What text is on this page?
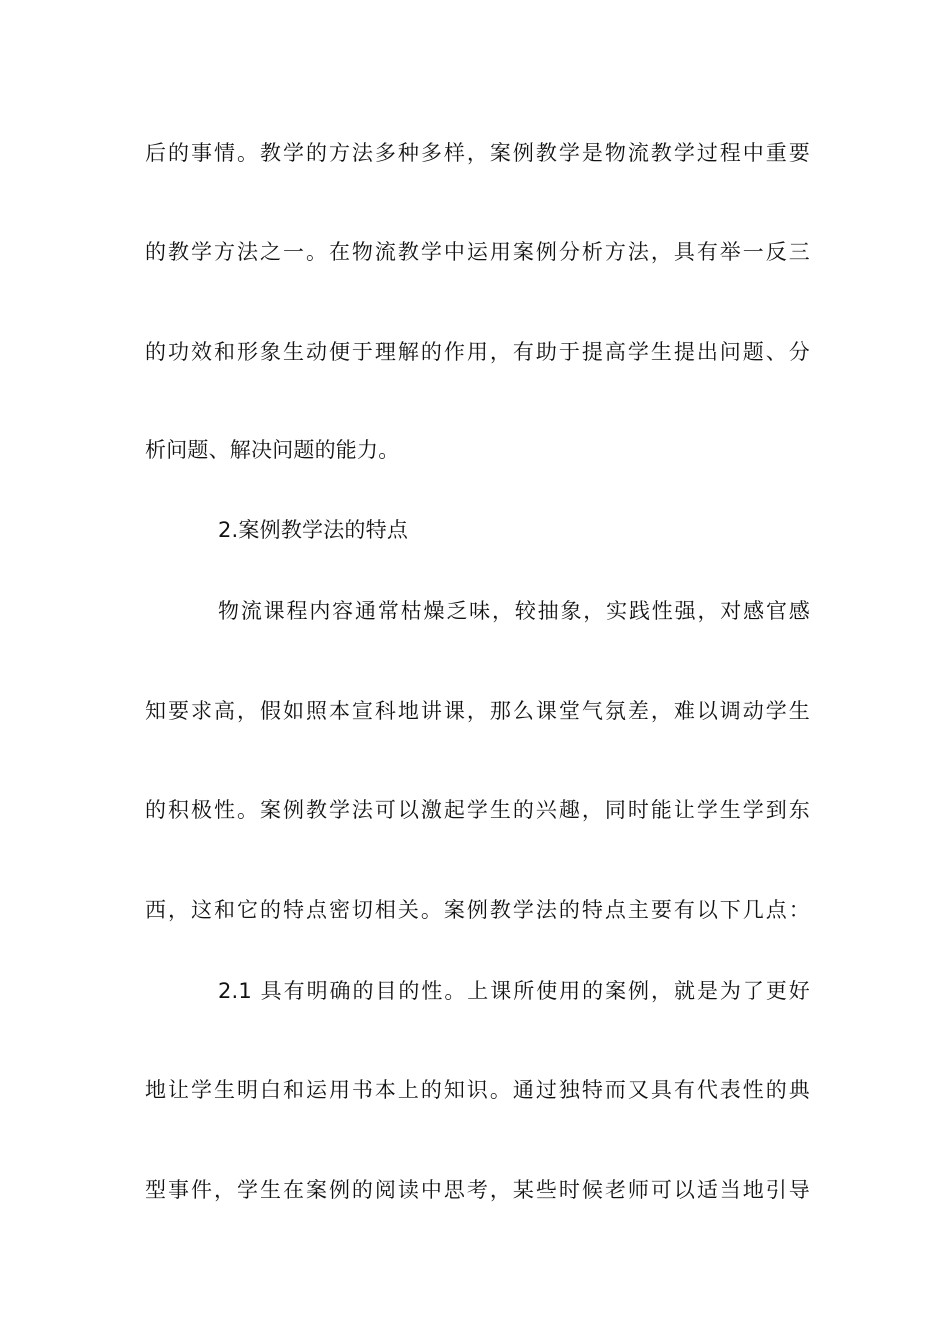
后的事情。教学的方法多种多样，案例教学是物流教学过程中重要
的教学方法之一。在物流教学中运用案例分析方法，具有举一反三
的功效和形象生动便于理解的作用，有助于提高学生提出问题、分
析问题、解决问题的能力。
2.案例教学法的特点
物流课程内容通常枯燥乏味，较抽象，实践性强，对感官感
知要求高，假如照本宣科地讲课，那么课堂气氛差，难以调动学生
的积极性。案例教学法可以激起学生的兴趣，同时能让学生学到东
西，这和它的特点密切相关。案例教学法的特点主要有以下几点：
2.1 具有明确的目的性。上课所使用的案例，就是为了更好
地让学生明白和运用书本上的知识。通过独特而又具有代表性的典
型事件，学生在案例的阅读中思考，某些时候老师可以适当地引导
